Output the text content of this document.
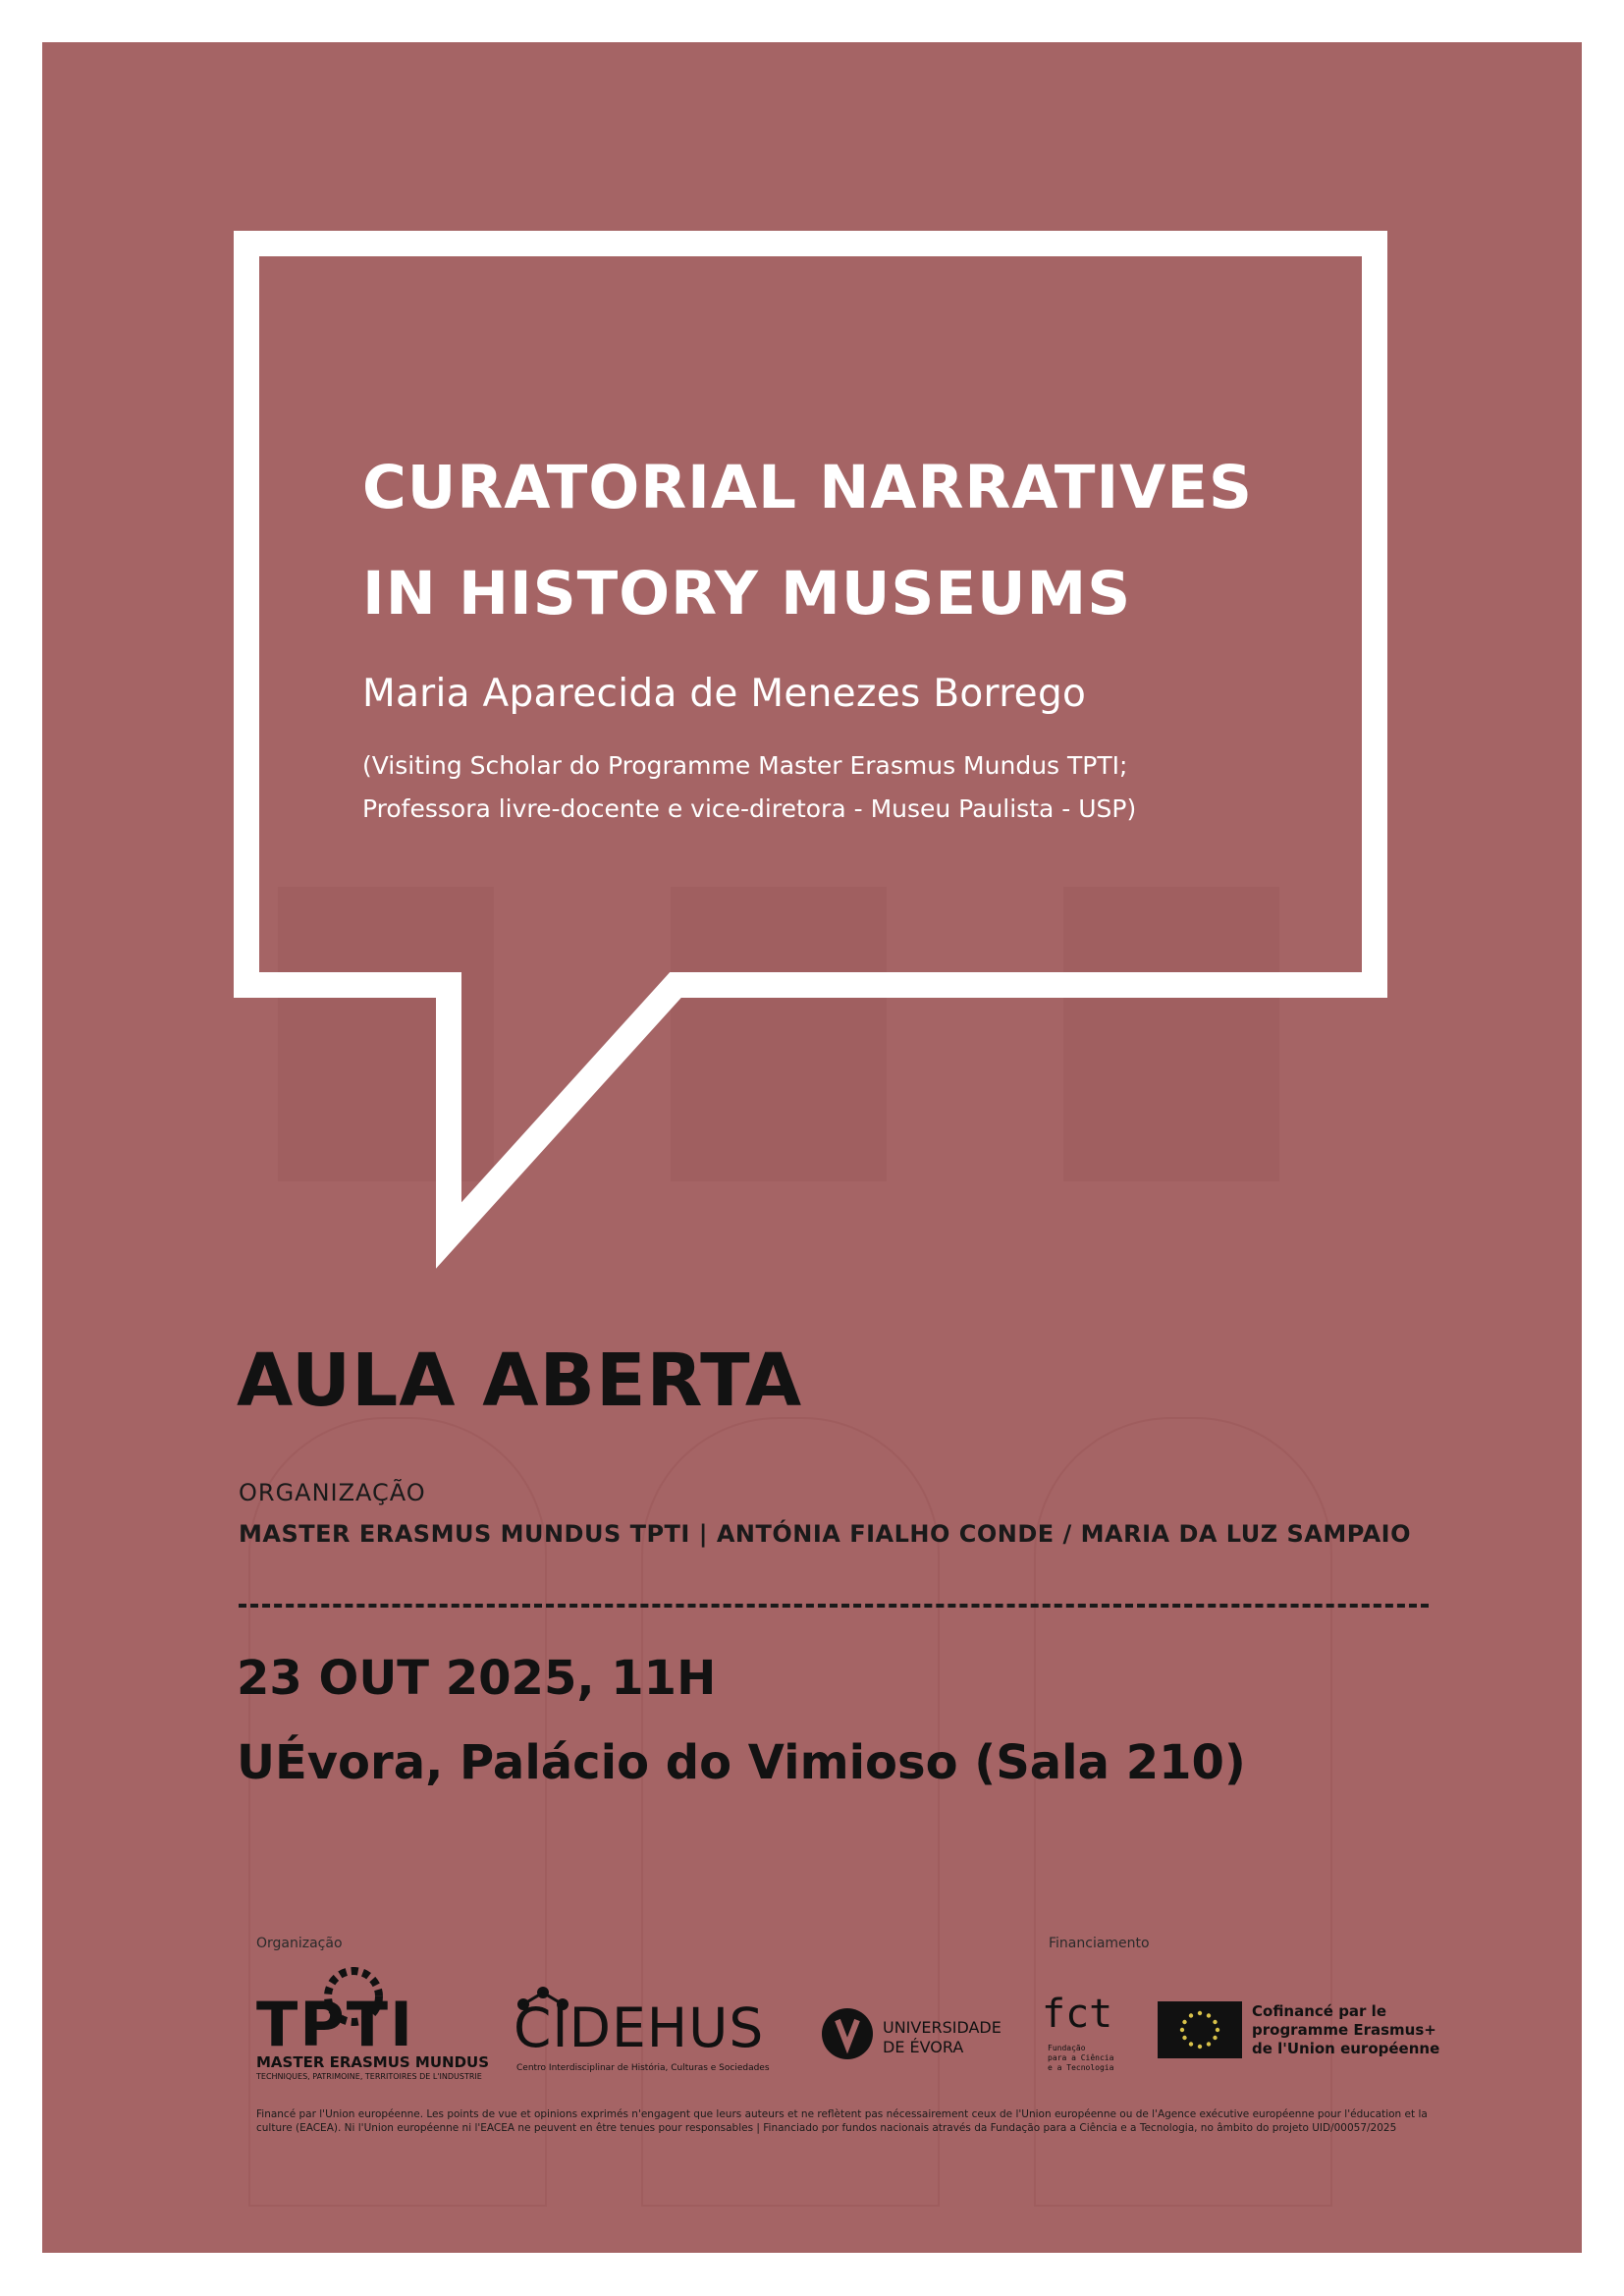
CURATORIAL NARRATIVES
IN HISTORY MUSEUMS
Maria Aparecida de Menezes Borrego
(Visiting Scholar do Programme Master Erasmus Mundus TPTI;
Professora livre-docente e vice-diretora - Museu Paulista - USP)
AULA ABERTA
ORGANIZAÇÃO
MASTER ERASMUS MUNDUS TPTI | ANTÓNIA FIALHO CONDE / MARIA DA LUZ SAMPAIO
23 OUT 2025, 11H
UÉvora, Palácio do Vimioso (Sala 210)
Organização	Financiamento
TPTI
MASTER ERASMUS MUNDUS
TECHNIQUES, PATRIMOINE, TERRITOIRES DE L'INDUSTRIE
CIDEHUS
Centro Interdisciplinar de História, Culturas e Sociedades
UNIVERSIDADE
DE ÉVORA
fct
Fundação
para a Ciência
e a Tecnologia
Cofinancé par le
programme Erasmus+
de l'Union européenne
Financé par l'Union européenne. Les points de vue et opinions exprimés n'engagent que leurs auteurs et ne reflètent pas nécessairement ceux de l'Union européenne ou de l'Agence exécutive européenne pour l'éducation et la
culture (EACEA). Ni l'Union européenne ni l'EACEA ne peuvent en être tenues pour responsables | Financiado por fundos nacionais através da Fundação para a Ciência e a Tecnologia, no âmbito do projeto UID/00057/2025
